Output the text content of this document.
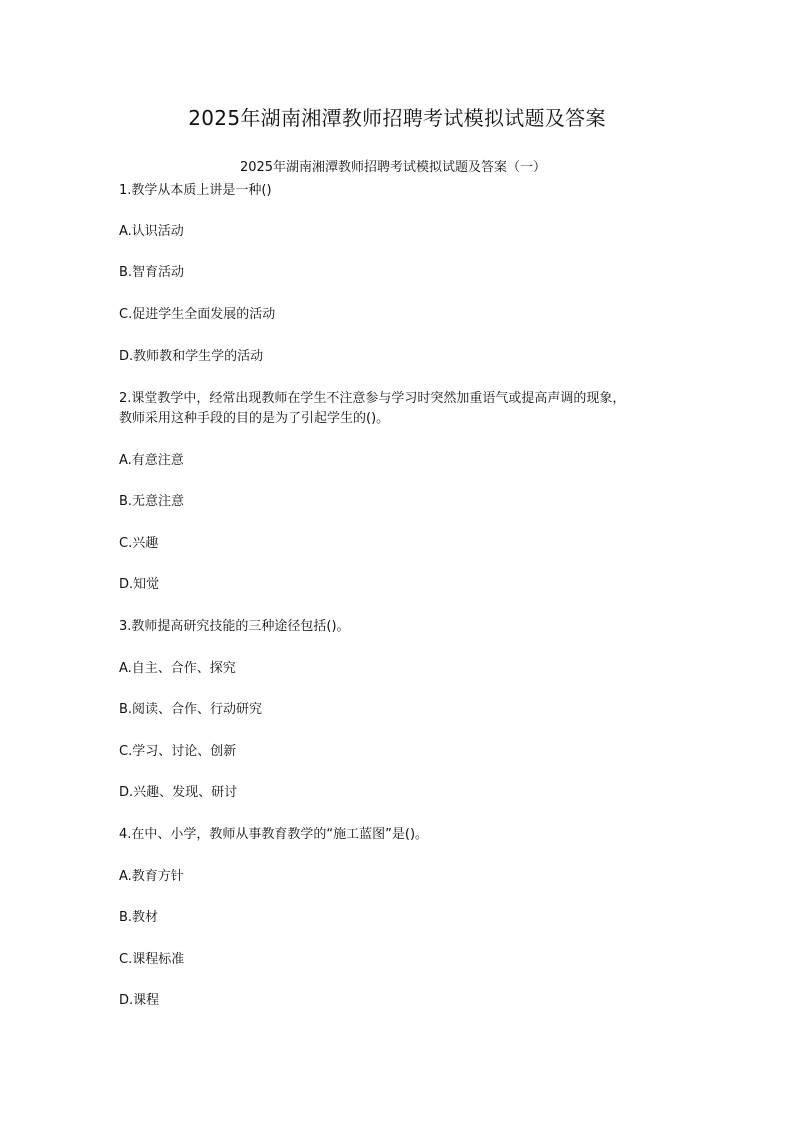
2025年湖南湘潭教师招聘考试模拟试题及答案
2025年湖南湘潭教师招聘考试模拟试题及答案（一）
1.教学从本质上讲是一种()
A.认识活动
B.智育活动
C.促进学生全面发展的活动
D.教师教和学生学的活动
2.课堂教学中，经常出现教师在学生不注意参与学习时突然加重语气或提高声调的现象，
教师采用这种手段的目的是为了引起学生的()。
A.有意注意
B.无意注意
C.兴趣
D.知觉
3.教师提高研究技能的三种途径包括()。
A.自主、合作、探究
B.阅读、合作、行动研究
C.学习、讨论、创新
D.兴趣、发现、研讨
4.在中、小学，教师从事教育教学的“施工蓝图”是()。
A.教育方针
B.教材
C.课程标准
D.课程
